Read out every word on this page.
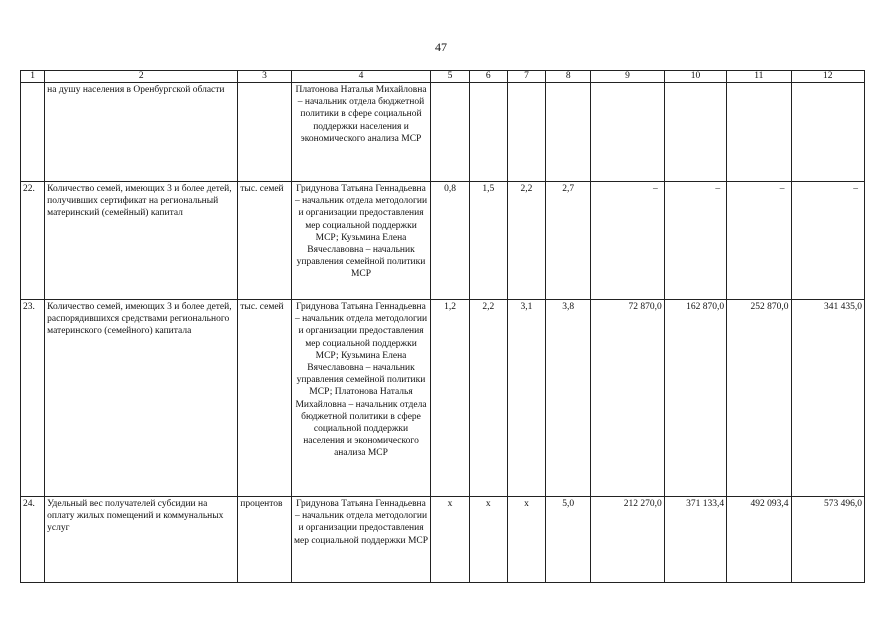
47
1	2	3	4	5	6	7	8	9	10	11	12
	на душу населения в Оренбургской области		Платонова Наталья Михайловна – начальник отдела бюджетной политики в сфере социальной поддержки населения и экономического анализа МСР								
22.	Количество семей, имеющих 3 и более детей, получивших сертификат на региональный материнский (семейный) капитал	тыс. семей	Гридунова Татьяна Геннадьевна – начальник отдела методологии и организации предоставления мер социальной поддержки МСР; Кузьмина Елена Вячеславовна – начальник управления семейной политики МСР	0,8	1,5	2,2	2,7	–	–	–	–
23.	Количество семей, имеющих 3 и более детей, распорядившихся средствами регионального материнского (семейного) капитала	тыс. семей	Гридунова Татьяна Геннадьевна – начальник отдела методологии и организации предоставления мер социальной поддержки МСР; Кузьмина Елена Вячеславовна – начальник управления семейной политики МСР; Платонова Наталья Михайловна – начальник отдела бюджетной политики в сфере социальной поддержки населения и экономического анализа МСР	1,2	2,2	3,1	3,8	72 870,0	162 870,0	252 870,0	341 435,0
24.	Удельный вес получателей субсидии на оплату жилых помещений и коммунальных услуг	процентов	Гридунова Татьяна Геннадьевна – начальник отдела методологии и организации предоставления мер социальной поддержки МСР	х	х	х	5,0	212 270,0	371 133,4	492 093,4	573 496,0
